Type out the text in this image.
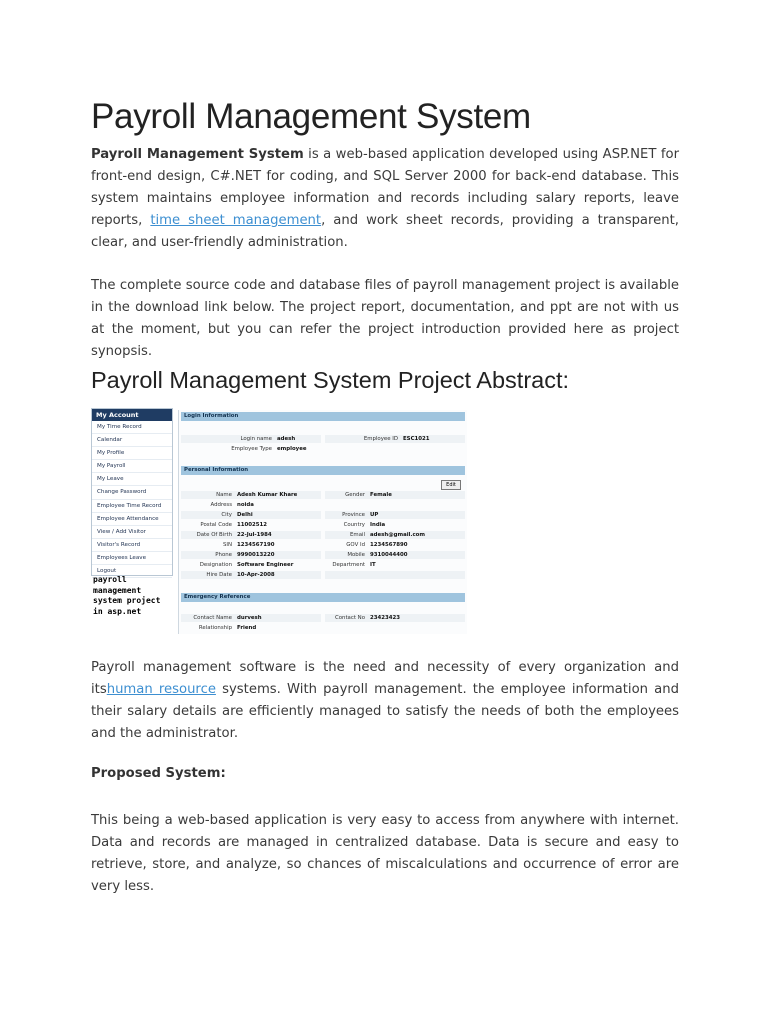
Payroll Management System

Payroll Management System is a web-based application developed using ASP.NET for front-end design, C#.NET for coding, and SQL Server 2000 for back-end database. This system maintains employee information and records including salary reports, leave reports, time sheet management, and work sheet records, providing a transparent, clear, and user-friendly administration.

The complete source code and database files of payroll management project is available in the download link below. The project report, documentation, and ppt are not with us at the moment, but you can refer the project introduction provided here as project synopsis.

Payroll Management System Project Abstract:

Payroll management software is the need and necessity of every organization and itshuman resource systems. With payroll management. the employee information and their salary details are efficiently managed to satisfy the needs of both the employees and the administrator.

Proposed System:

This being a web-based application is very easy to access from anywhere with internet. Data and records are managed in centralized database. Data is secure and easy to retrieve, store, and analyze, so chances of miscalculations and occurrence of error are very less.

My Account
My Time Record
Calendar
My Profile
My Payroll
My Leave
Change Password
Employee Time Record
Employee Attendance
View / Add Visitor
Visitor's Record
Employees Leave
Logout
payroll management system project in asp.net
Login Information
Login name adesh	Employee ID ESC1021
Employee Type employee
Personal Information
Edit
Name Adesh Kumar Khare	Gender Female
Address noida
City Delhi	Province UP
Postal Code 11002512	Country India
Date Of Birth 22-Jul-1984	Email adesh@gmail.com
SIN 1234567190	GOV Id 1234567890
Phone 9990013220	Mobile 9310044400
Designation Software Engineer	Department IT
Hire Date 10-Apr-2008
Emergency Reference
Contact Name durvesh	Contact No 23423423
Relationship Friend
